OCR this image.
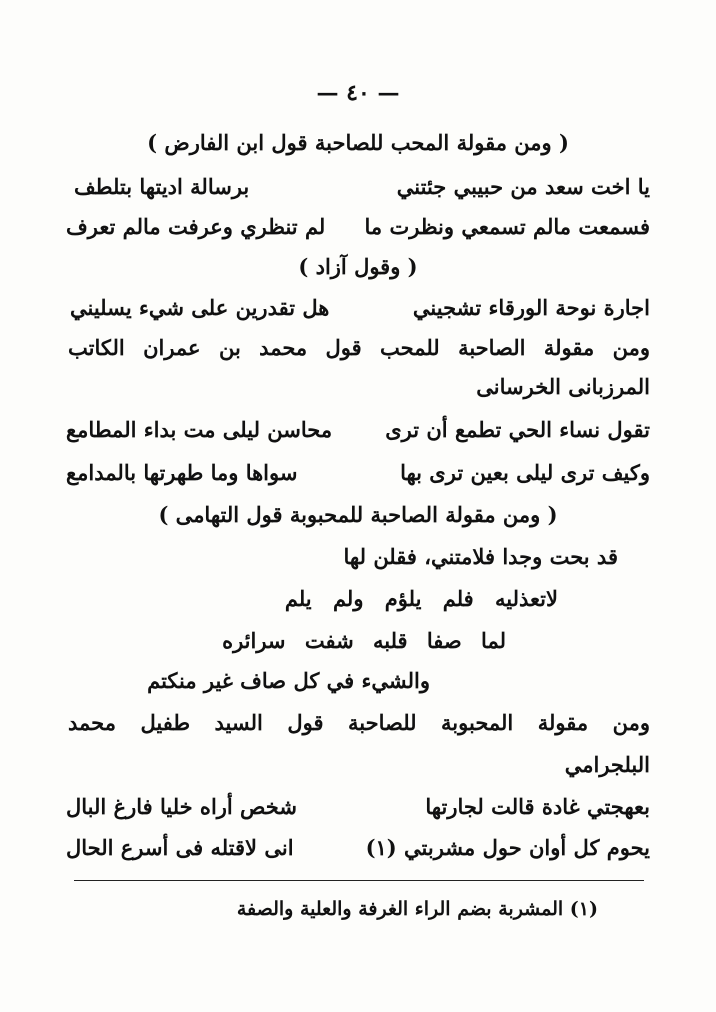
— ٤٠ —
( ومن مقولة المحب للصاحبة قول ابن الفارض )
يا اخت سعد من حبيبي جئتني
برسالة اديتها بتلطف
فسمعت مالم تسمعي ونظرت ما
لم تنظري وعرفت مالم تعرف
( وقول آزاد )
اجارة نوحة الورقاء تشجيني
هل تقدرين على شيء يسليني
ومن مقولة الصاحبة للمحب قول محمد بن عمران الكاتب
المرزبانى الخرسانى
تقول نساء الحي تطمع أن ترى
محاسن ليلى مت بداء المطامع
وكيف ترى ليلى بعين ترى بها
سواها وما طهرتها بالمدامع
( ومن مقولة الصاحبة للمحبوبة قول التهامى )
قد بحت وجدا فلامتني، فقلن لها
لاتعذليه فلم يلؤم ولم يلم
لما صفا قلبه شفت سرائره
والشيء في كل صاف غير منكتم
ومن مقولة المحبوبة للصاحبة قول السيد طفيل محمد
البلجرامي
بعهجتي غادة قالت لجارتها
شخص أراه خليا فارغ البال
يحوم كل أوان حول مشربتي (١)
انى لاقتله فى أسرع الحال
(١) المشربة بضم الراء الغرفة والعلية والصفة
